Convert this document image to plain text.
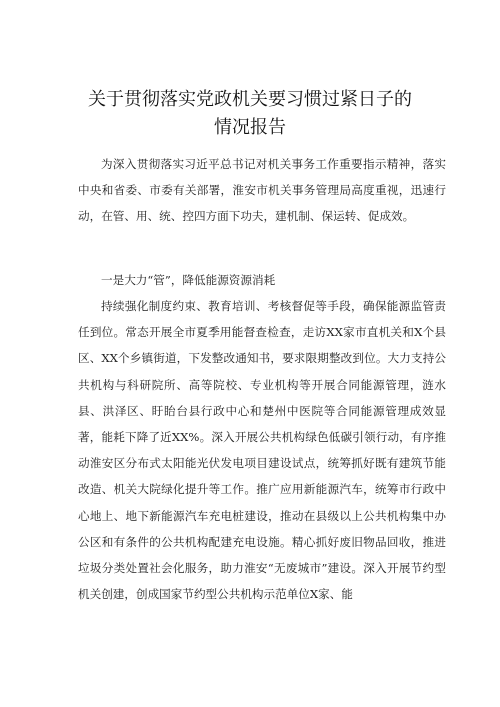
关于贯彻落实党政机关要习惯过紧日子的
情况报告

为深入贯彻落实习近平总书记对机关事务工作重要指示精神，落实中央和省委、市委有关部署，淮安市机关事务管理局高度重视，迅速行动，在管、用、统、控四方面下功夫，建机制、保运转、促成效。

一是大力“管”，降低能源资源消耗

持续强化制度约束、教育培训、考核督促等手段，确保能源监管责任到位。常态开展全市夏季用能督查检查，走访XX家市直机关和X个县区、XX个乡镇街道，下发整改通知书，要求限期整改到位。大力支持公共机构与科研院所、高等院校、专业机构等开展合同能源管理，涟水县、洪泽区、盱眙台县行政中心和楚州中医院等合同能源管理成效显著，能耗下降了近XX%。深入开展公共机构绿色低碳引领行动，有序推动淮安区分布式太阳能光伏发电项目建设试点，统筹抓好既有建筑节能改造、机关大院绿化提升等工作。推广应用新能源汽车，统筹市行政中心地上、地下新能源汽车充电桩建设，推动在县级以上公共机构集中办公区和有条件的公共机构配建充电设施。精心抓好废旧物品回收，推进垃圾分类处置社会化服务，助力淮安“无废城市”建设。深入开展节约型机关创建，创成国家节约型公共机构示范单位X家、能
